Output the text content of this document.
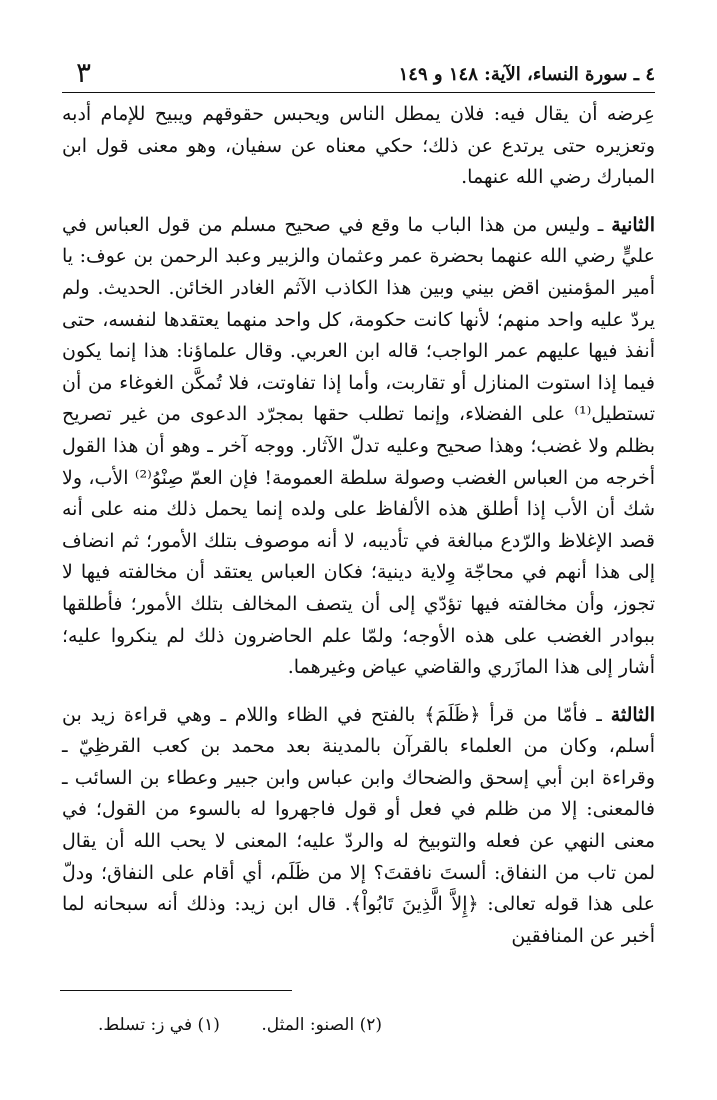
٤ ـ سورة النساء، الآية: ١٤٨ و ١٤٩
٣

عِرضه أن يقال فيه: فلان يمطل الناس ويحبس حقوقهم ويبيح للإمام أدبه وتعزيره حتى يرتدع عن ذلك؛ حكي معناه عن سفيان، وهو معنى قول ابن المبارك رضي الله عنهما.

الثانية ـ وليس من هذا الباب ما وقع في صحيح مسلم من قول العباس في عليٍّ رضي الله عنهما بحضرة عمر وعثمان والزبير وعبد الرحمن بن عوف: يا أمير المؤمنين اقض بيني وبين هذا الكاذب الآثم الغادر الخائن. الحديث. ولم يردّ عليه واحد منهم؛ لأنها كانت حكومة، كل واحد منهما يعتقدها لنفسه، حتى أنفذ فيها عليهم عمر الواجب؛ قاله ابن العربي. وقال علماؤنا: هذا إنما يكون فيما إذا استوت المنازل أو تقاربت، وأما إذا تفاوتت، فلا تُمكَّن الغوغاء من أن تستطيل⁽¹⁾ على الفضلاء، وإنما تطلب حقها بمجرّد الدعوى من غير تصريح بظلم ولا غضب؛ وهذا صحيح وعليه تدلّ الآثار. ووجه آخر ـ وهو أن هذا القول أخرجه من العباس الغضب وصولة سلطة العمومة! فإن العمّ صِنْوُ⁽²⁾ الأب، ولا شك أن الأب إذا أطلق هذه الألفاظ على ولده إنما يحمل ذلك منه على أنه قصد الإغلاظ والرّدع مبالغة في تأديبه، لا أنه موصوف بتلك الأمور؛ ثم انضاف إلى هذا أنهم في محاجّة وِلاية دينية؛ فكان العباس يعتقد أن مخالفته فيها لا تجوز، وأن مخالفته فيها تؤدّي إلى أن يتصف المخالف بتلك الأمور؛ فأطلقها ببوادر الغضب على هذه الأوجه؛ ولمّا علم الحاضرون ذلك لم ينكروا عليه؛ أشار إلى هذا المازَري والقاضي عياض وغيرهما.

الثالثة ـ فأمّا من قرأ ﴿ظَلَمَ﴾ بالفتح في الظاء واللام ـ وهي قراءة زيد بن أسلم، وكان من العلماء بالقرآن بالمدينة بعد محمد بن كعب القرظِيّ ـ وقراءة ابن أبي إسحق والضحاك وابن عباس وابن جبير وعطاء بن السائب ـ فالمعنى: إلا من ظلم في فعل أو قول فاجهروا له بالسوء من القول؛ في معنى النهي عن فعله والتوبيخ له والردّ عليه؛ المعنى لا يحب الله أن يقال لمن تاب من النفاق: ألستَ نافقتَ؟ إلا من ظَلَم، أي أقام على النفاق؛ ودلّ على هذا قوله تعالى: ﴿إِلاَّ الَّذِينَ تَابُواْ﴾. قال ابن زيد: وذلك أنه سبحانه لما أخبر عن المنافقين

(٢) الصنو: المثل. (١) في ز: تسلط.
